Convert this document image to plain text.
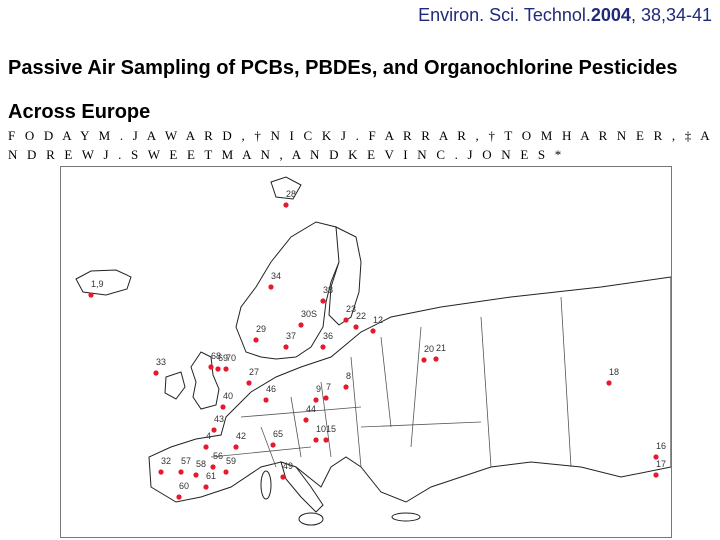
Environ. Sci. Technol.2004, 38,34-41
Passive Air Sampling of PCBs, PBDEs, and Organochlorine Pesticides Across Europe
F O D A Y M . J A W A R D , † N I C K J . F A R R A R , † T O M H A R N E R , ‡ A N D R E W J . S W E E T M A N , A N D K E V I N C . J O N E S *
28
1,9
34
38
30S	23
22 12
29
37	36
20 21
18
68
69
70
33
27
46
8
9 7
40
43
44
10
65	15
4	42
56 59
32 57 58
61
60
49
16
17
